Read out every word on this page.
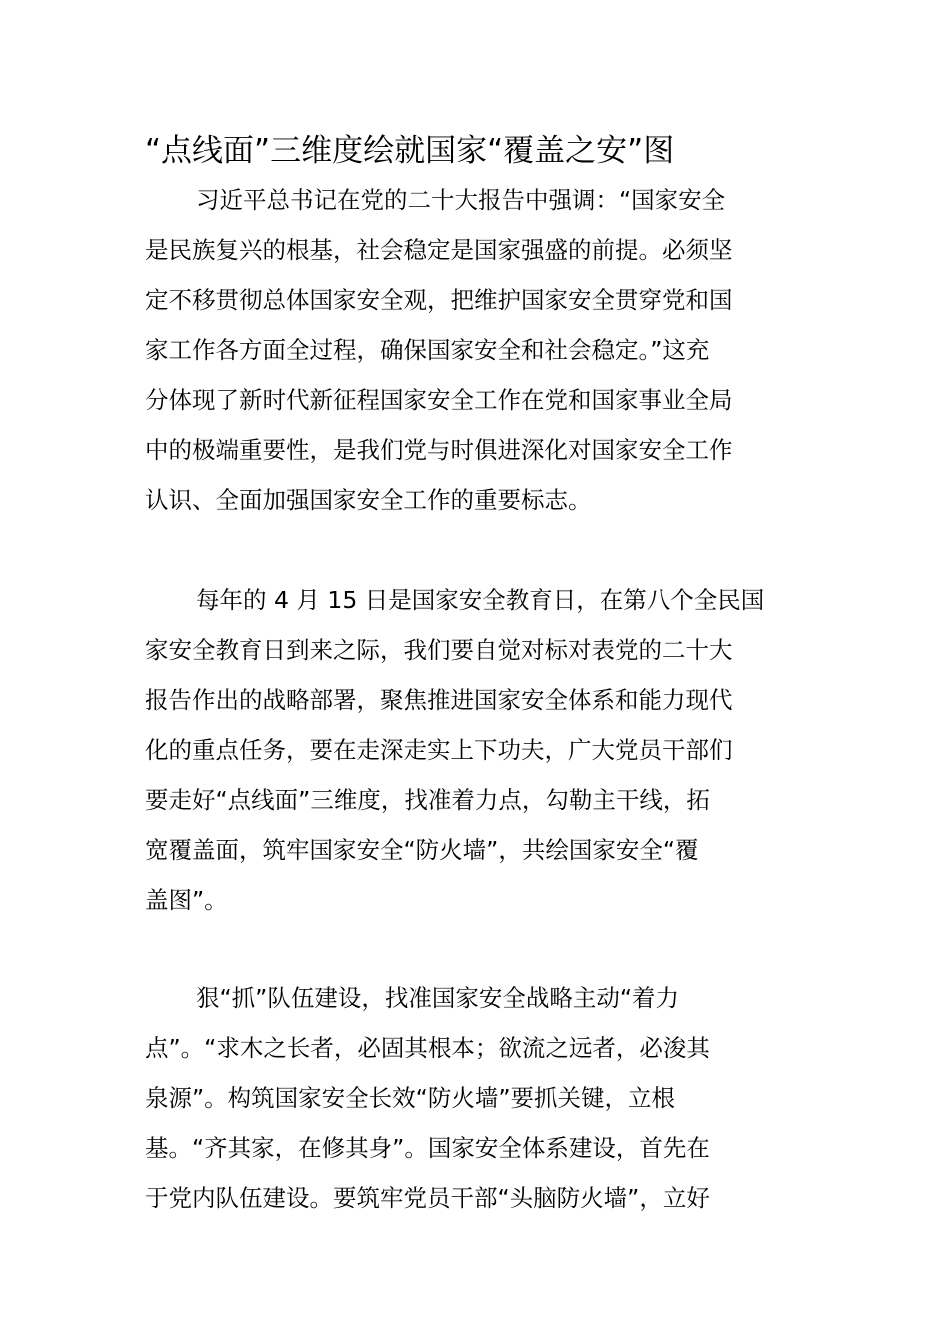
“点线面”三维度绘就国家“覆盖之安”图
习近平总书记在党的二十大报告中强调：“国家安全
是民族复兴的根基，社会稳定是国家强盛的前提。必须坚
定不移贯彻总体国家安全观，把维护国家安全贯穿党和国
家工作各方面全过程，确保国家安全和社会稳定。”这充
分体现了新时代新征程国家安全工作在党和国家事业全局
中的极端重要性，是我们党与时俱进深化对国家安全工作
认识、全面加强国家安全工作的重要标志。
每年的 4 月 15 日是国家安全教育日，在第八个全民国
家安全教育日到来之际，我们要自觉对标对表党的二十大
报告作出的战略部署，聚焦推进国家安全体系和能力现代
化的重点任务，要在走深走实上下功夫，广大党员干部们
要走好“点线面”三维度，找准着力点，勾勒主干线，拓
宽覆盖面，筑牢国家安全“防火墙”，共绘国家安全“覆
盖图”。
狠“抓”队伍建设，找准国家安全战略主动“着力
点”。“求木之长者，必固其根本；欲流之远者，必浚其
泉源”。构筑国家安全长效“防火墙”要抓关键，立根
基。“齐其家，在修其身”。国家安全体系建设，首先在
于党内队伍建设。要筑牢党员干部“头脑防火墙”，立好
